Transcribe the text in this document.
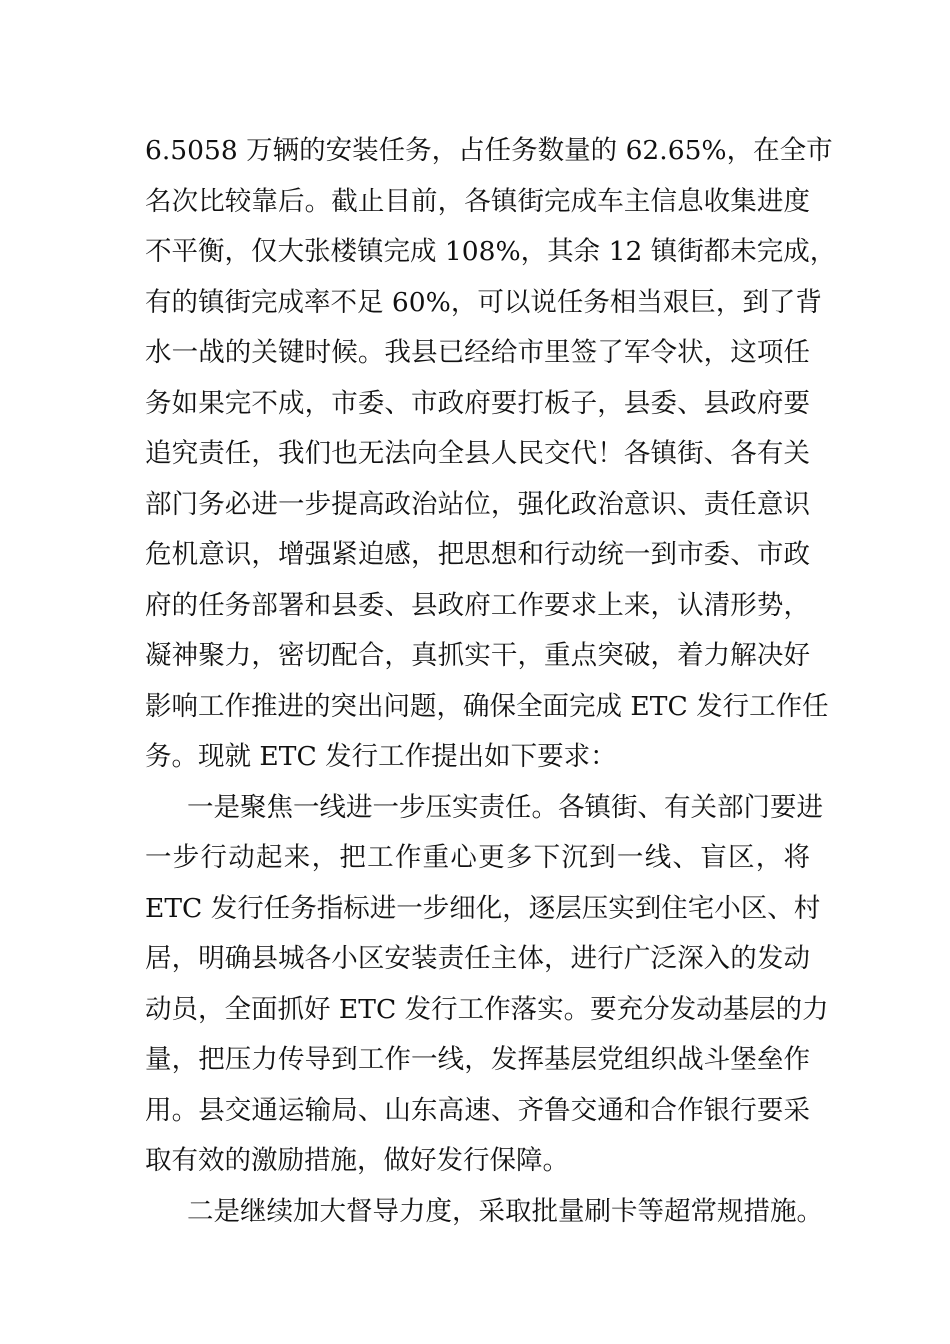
6.5058 万辆的安装任务，占任务数量的 62.65%，在全市
名次比较靠后。截止目前，各镇街完成车主信息收集进度
不平衡，仅大张楼镇完成 108%，其余 12 镇街都未完成，
有的镇街完成率不足 60%，可以说任务相当艰巨，到了背
水一战的关键时候。我县已经给市里签了军令状，这项任
务如果完不成，市委、市政府要打板子，县委、县政府要
追究责任，我们也无法向全县人民交代！各镇街、各有关
部门务必进一步提高政治站位，强化政治意识、责任意识
危机意识，增强紧迫感，把思想和行动统一到市委、市政
府的任务部署和县委、县政府工作要求上来，认清形势，
凝神聚力，密切配合，真抓实干，重点突破，着力解决好
影响工作推进的突出问题，确保全面完成 ETC 发行工作任
务。现就 ETC 发行工作提出如下要求：
一是聚焦一线进一步压实责任。各镇街、有关部门要进
一步行动起来，把工作重心更多下沉到一线、盲区，将
ETC 发行任务指标进一步细化，逐层压实到住宅小区、村
居，明确县城各小区安装责任主体，进行广泛深入的发动
动员，全面抓好 ETC 发行工作落实。要充分发动基层的力
量，把压力传导到工作一线，发挥基层党组织战斗堡垒作
用。县交通运输局、山东高速、齐鲁交通和合作银行要采
取有效的激励措施，做好发行保障。
二是继续加大督导力度，采取批量刷卡等超常规措施。
